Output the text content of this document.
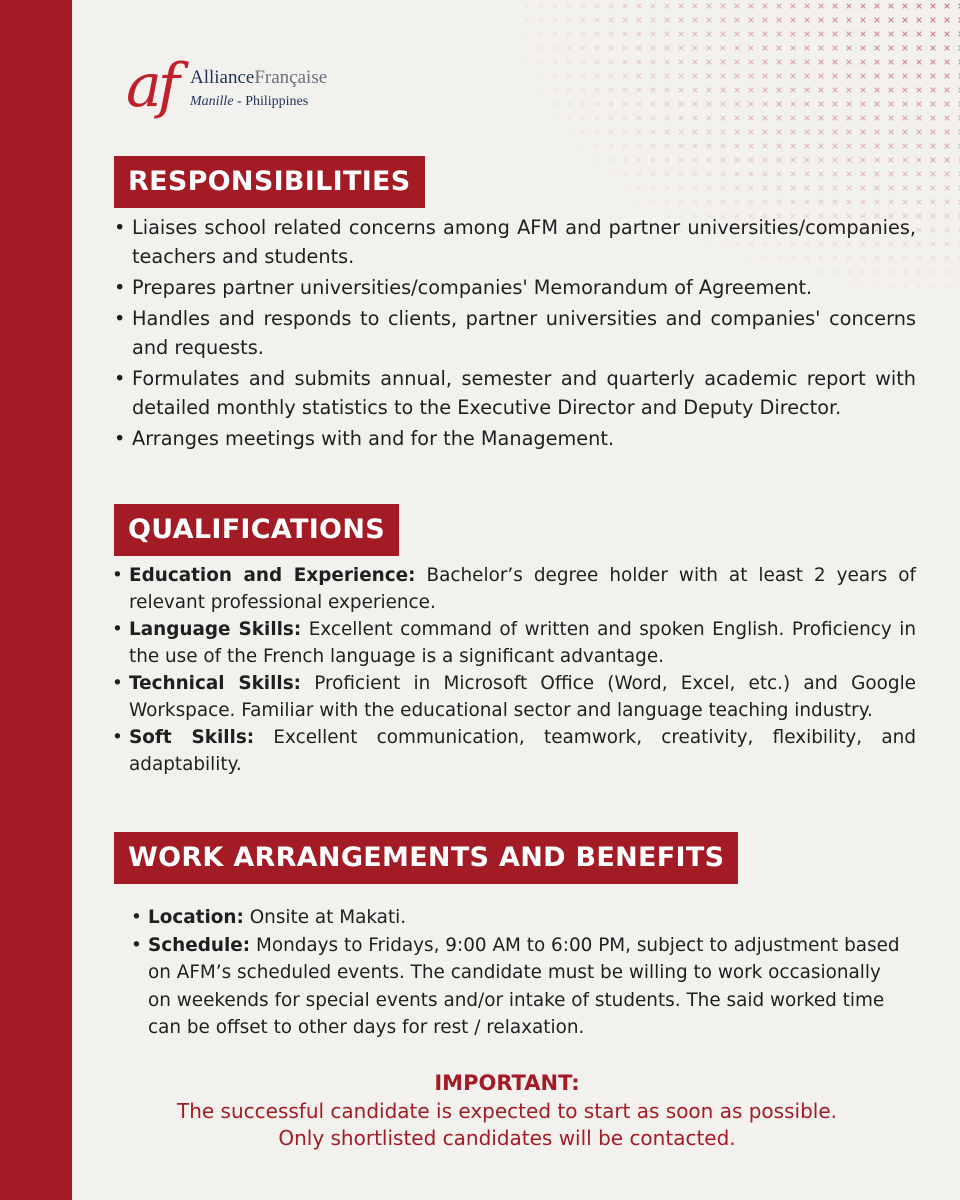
af AllianceFrançaise
Manille - Philippines
RESPONSIBILITIES
• Liaises school related concerns among AFM and partner universities/companies, teachers and students.
• Prepares partner universities/companies' Memorandum of Agreement.
• Handles and responds to clients, partner universities and companies' concerns and requests.
• Formulates and submits annual, semester and quarterly academic report with detailed monthly statistics to the Executive Director and Deputy Director.
• Arranges meetings with and for the Management.
QUALIFICATIONS
• Education and Experience: Bachelor’s degree holder with at least 2 years of relevant professional experience.
• Language Skills: Excellent command of written and spoken English. Proficiency in the use of the French language is a significant advantage.
• Technical Skills: Proficient in Microsoft Office (Word, Excel, etc.) and Google Workspace. Familiar with the educational sector and language teaching industry.
• Soft Skills: Excellent communication, teamwork, creativity, flexibility, and adaptability.
WORK ARRANGEMENTS AND BENEFITS
• Location: Onsite at Makati.
• Schedule: Mondays to Fridays, 9:00 AM to 6:00 PM, subject to adjustment based on AFM’s scheduled events. The candidate must be willing to work occasionally on weekends for special events and/or intake of students. The said worked time can be offset to other days for rest / relaxation.
IMPORTANT:
The successful candidate is expected to start as soon as possible.
Only shortlisted candidates will be contacted.
